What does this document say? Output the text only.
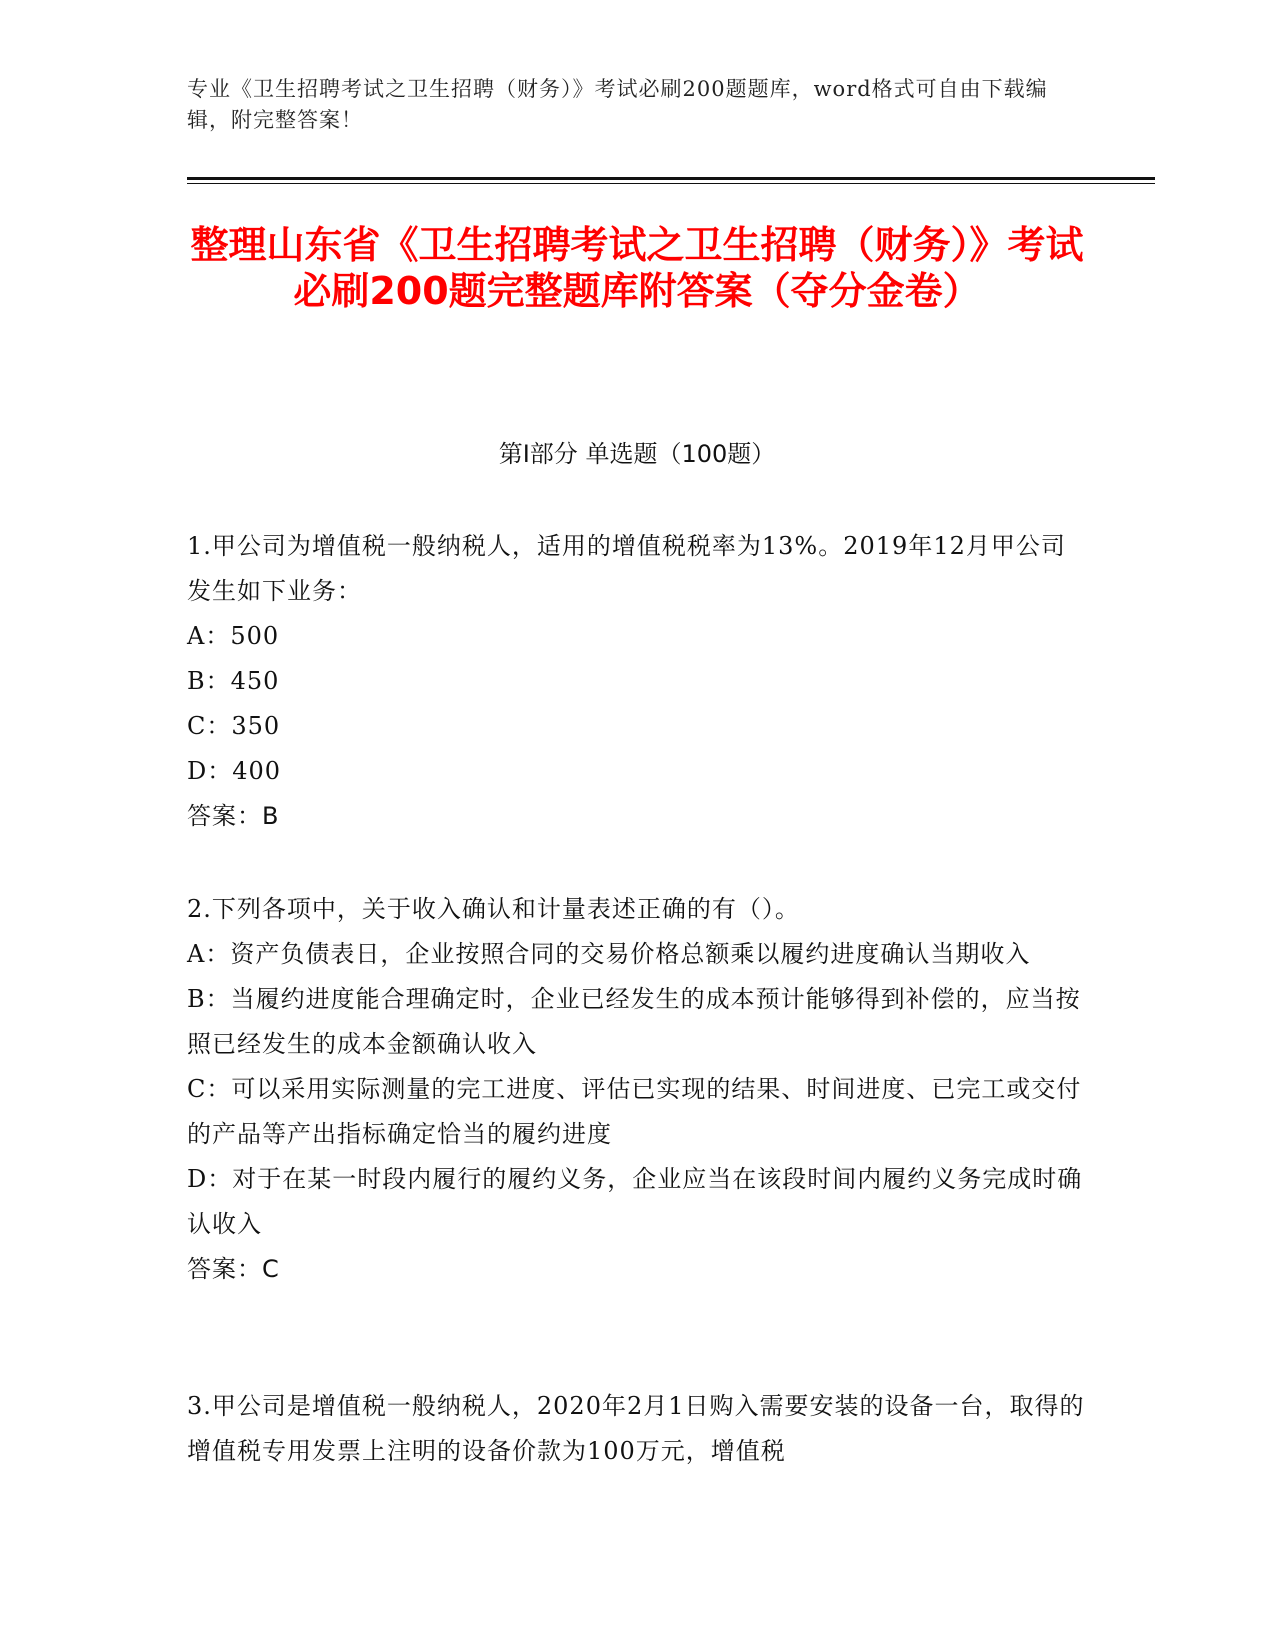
专业《卫生招聘考试之卫生招聘（财务）》考试必刷200题题库，word格式可自由下载编辑，附完整答案！
整理山东省《卫生招聘考试之卫生招聘（财务）》考试必刷200题完整题库附答案（夺分金卷）
第Ⅰ部分 单选题（100题）

1.甲公司为增值税一般纳税人，适用的增值税税率为13%。2019年12月甲公司发生如下业务：

A：500

B：450

C：350

D：400

答案：B

2.下列各项中，关于收入确认和计量表述正确的有（）。

A：资产负债表日，企业按照合同的交易价格总额乘以履约进度确认当期收入

B：当履约进度能合理确定时，企业已经发生的成本预计能够得到补偿的，应当按照已经发生的成本金额确认收入

C：可以采用实际测量的完工进度、评估已实现的结果、时间进度、已完工或交付的产品等产出指标确定恰当的履约进度

D：对于在某一时段内履行的履约义务，企业应当在该段时间内履约义务完成时确认收入

答案：C

3.甲公司是增值税一般纳税人，2020年2月1日购入需要安装的设备一台，取得的增值税专用发票上注明的设备价款为100万元，增值税
